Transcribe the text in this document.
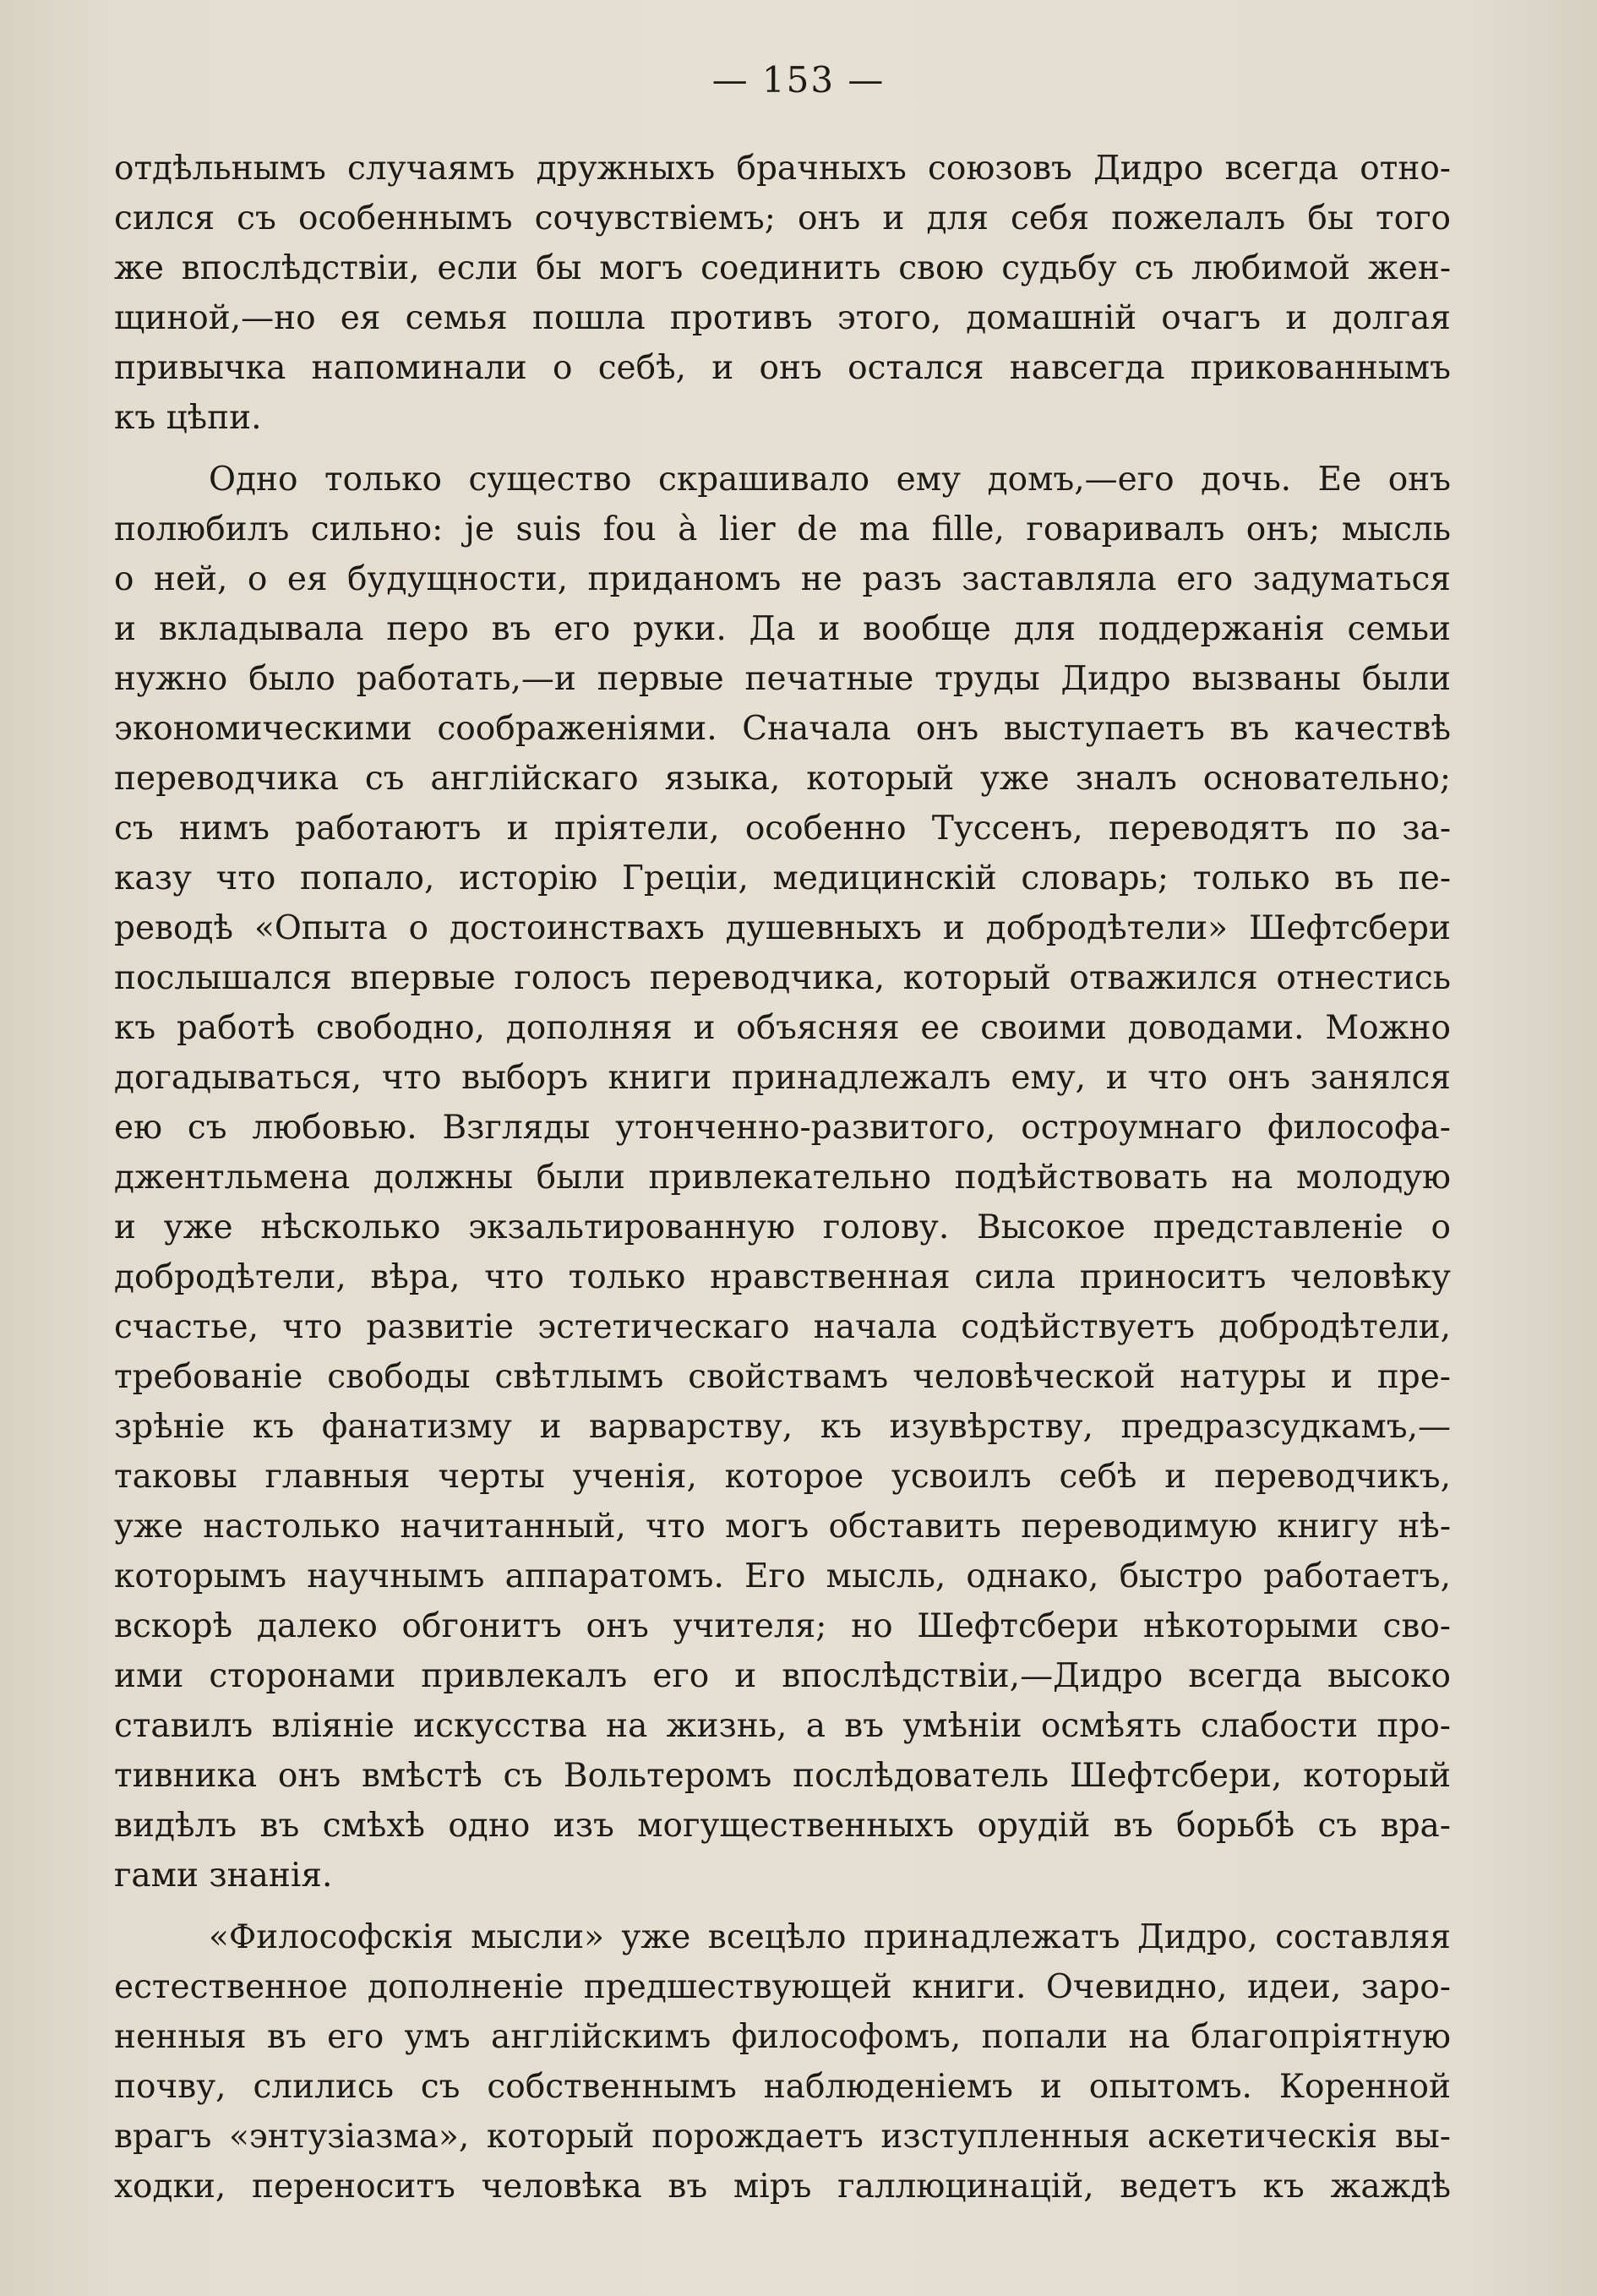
— 153 —
отдѣльнымъ случаямъ дружныхъ брачныхъ союзовъ Дидро всегда отно-
сился съ особеннымъ сочувствіемъ; онъ и для себя пожелалъ бы того
же впослѣдствіи, если бы могъ соединить свою судьбу съ любимой жен-
щиной,—но ея семья пошла противъ этого, домашній очагъ и долгая
привычка напоминали о себѣ, и онъ остался навсегда прикованнымъ
къ цѣпи.
Одно только существо скрашивало ему домъ,—его дочь. Ее онъ
полюбилъ сильно: je suis fou à lier de ma fille, говаривалъ онъ; мысль
о ней, о ея будущности, приданомъ не разъ заставляла его задуматься
и вкладывала перо въ его руки. Да и вообще для поддержанія семьи
нужно было работать,—и первые печатные труды Дидро вызваны были
экономическими соображеніями. Сначала онъ выступаетъ въ качествѣ
переводчика съ англійскаго языка, который уже зналъ основательно;
съ нимъ работаютъ и пріятели, особенно Туссенъ, переводятъ по за-
казу что попало, исторію Греціи, медицинскій словарь; только въ пе-
реводѣ «Опыта о достоинствахъ душевныхъ и добродѣтели» Шефтсбери
послышался впервые голосъ переводчика, который отважился отнестись
къ работѣ свободно, дополняя и объясняя ее своими доводами. Можно
догадываться, что выборъ книги принадлежалъ ему, и что онъ занялся
ею съ любовью. Взгляды утонченно-развитого, остроумнаго философа-
джентльмена должны были привлекательно подѣйствовать на молодую
и уже нѣсколько экзальтированную голову. Высокое представленіе о
добродѣтели, вѣра, что только нравственная сила приноситъ человѣку
счастье, что развитіе эстетическаго начала содѣйствуетъ добродѣтели,
требованіе свободы свѣтлымъ свойствамъ человѣческой натуры и пре-
зрѣніе къ фанатизму и варварству, къ изувѣрству, предразсудкамъ,—
таковы главныя черты ученія, которое усвоилъ себѣ и переводчикъ,
уже настолько начитанный, что могъ обставить переводимую книгу нѣ-
которымъ научнымъ аппаратомъ. Его мысль, однако, быстро работаетъ,
вскорѣ далеко обгонитъ онъ учителя; но Шефтсбери нѣкоторыми сво-
ими сторонами привлекалъ его и впослѣдствіи,—Дидро всегда высоко
ставилъ вліяніе искусства на жизнь, а въ умѣніи осмѣять слабости про-
тивника онъ вмѣстѣ съ Вольтеромъ послѣдователь Шефтсбери, который
видѣлъ въ смѣхѣ одно изъ могущественныхъ орудій въ борьбѣ съ вра-
гами знанія.
«Философскія мысли» уже всецѣло принадлежатъ Дидро, составляя
естественное дополненіе предшествующей книги. Очевидно, идеи, заро-
ненныя въ его умъ англійскимъ философомъ, попали на благопріятную
почву, слились съ собственнымъ наблюденіемъ и опытомъ. Коренной
врагъ «энтузіазма», который порождаетъ изступленныя аскетическія вы-
ходки, переноситъ человѣка въ міръ галлюцинацій, ведетъ къ жаждѣ
